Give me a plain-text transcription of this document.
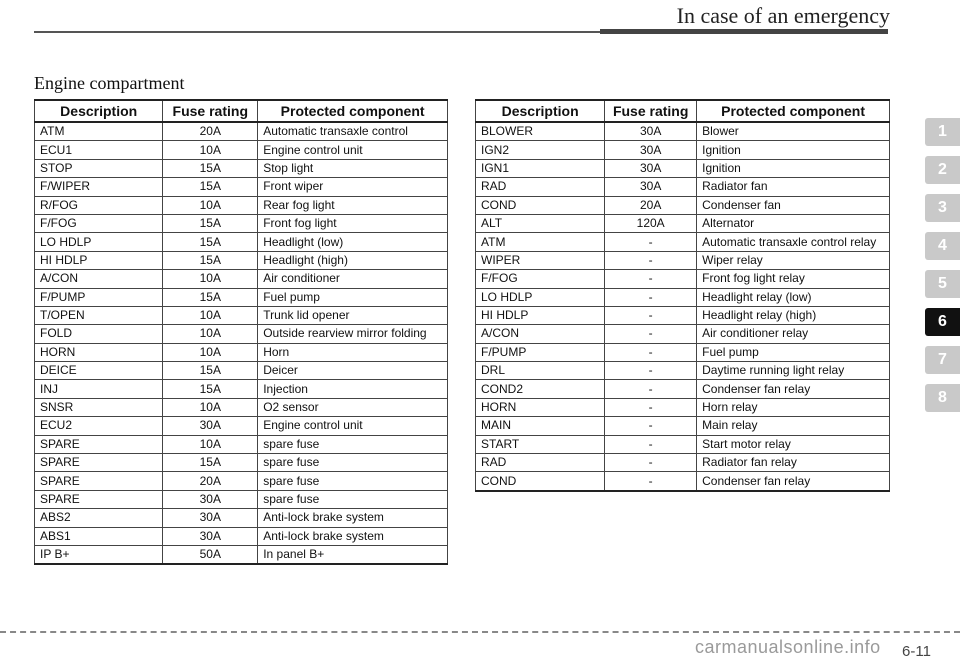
In case of an emergency
Engine compartment
Description	Fuse rating	Protected component
ATM	20A	Automatic transaxle control
ECU1	10A	Engine control unit
STOP	15A	Stop light
F/WIPER	15A	Front wiper
R/FOG	10A	Rear fog light
F/FOG	15A	Front fog light
LO HDLP	15A	Headlight (low)
HI HDLP	15A	Headlight (high)
A/CON	10A	Air conditioner
F/PUMP	15A	Fuel pump
T/OPEN	10A	Trunk lid opener
FOLD	10A	Outside rearview mirror folding
HORN	10A	Horn
DEICE	15A	Deicer
INJ	15A	Injection
SNSR	10A	O2 sensor
ECU2	30A	Engine control unit
SPARE	10A	spare fuse
SPARE	15A	spare fuse
SPARE	20A	spare fuse
SPARE	30A	spare fuse
ABS2	30A	Anti-lock brake system
ABS1	30A	Anti-lock brake system
IP B+	50A	In panel B+
Description	Fuse rating	Protected component
BLOWER	30A	Blower
IGN2	30A	Ignition
IGN1	30A	Ignition
RAD	30A	Radiator fan
COND	20A	Condenser fan
ALT	120A	Alternator
ATM	-	Automatic transaxle control relay
WIPER	-	Wiper relay
F/FOG	-	Front fog light relay
LO HDLP	-	Headlight relay (low)
HI HDLP	-	Headlight relay (high)
A/CON	-	Air conditioner relay
F/PUMP	-	Fuel pump
DRL	-	Daytime running light relay
COND2	-	Condenser fan relay
HORN	-	Horn relay
MAIN	-	Main relay
START	-	Start motor relay
RAD	-	Radiator fan relay
COND	-	Condenser fan relay
1
2
3
4
5
6
7
8
carmanualsonline.info 6-11
